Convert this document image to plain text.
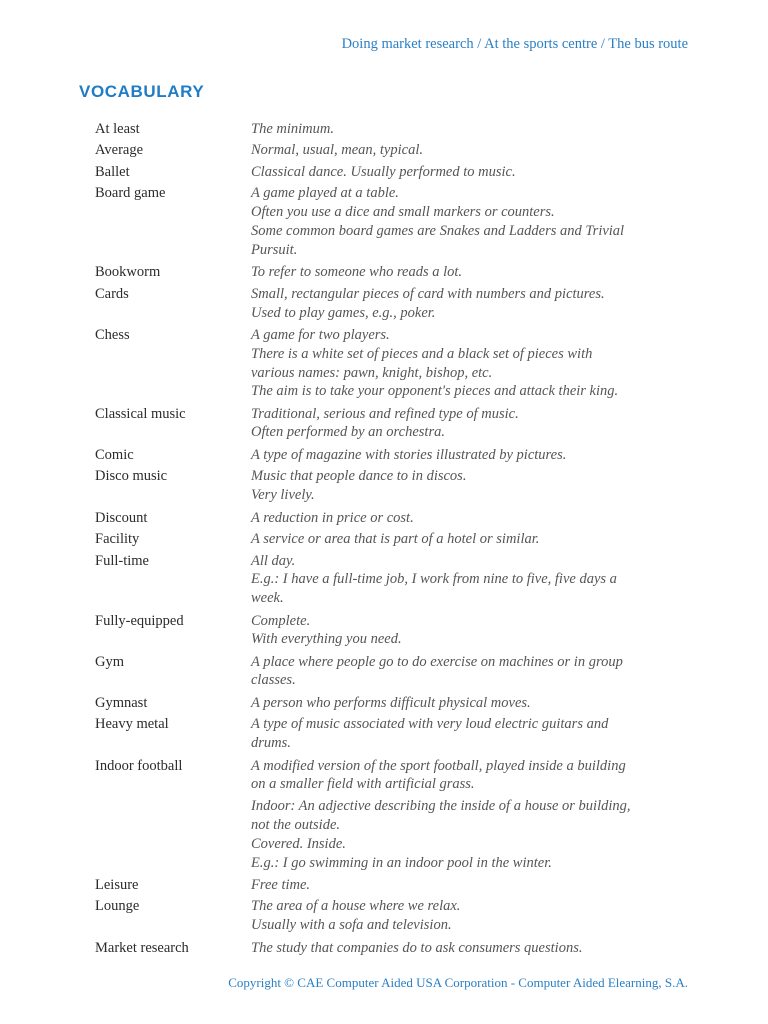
Doing market research / At the sports centre / The bus route
VOCABULARY
At least	The minimum.
Average	Normal, usual, mean, typical.
Ballet	Classical dance. Usually performed to music.
Board game	A game played at a table.
Often you use a dice and small markers or counters.
Some common board games are Snakes and Ladders and Trivial
Pursuit.
Bookworm	To refer to someone who reads a lot.
Cards	Small, rectangular pieces of card with numbers and pictures.
Used to play games, e.g., poker.
Chess	A game for two players.
There is a white set of pieces and a black set of pieces with
various names: pawn, knight, bishop, etc.
The aim is to take your opponent's pieces and attack their king.
Classical music	Traditional, serious and refined type of music.
Often performed by an orchestra.
Comic	A type of magazine with stories illustrated by pictures.
Disco music	Music that people dance to in discos.
Very lively.
Discount	A reduction in price or cost.
Facility	A service or area that is part of a hotel or similar.
Full-time	All day.
E.g.: I have a full-time job, I work from nine to five, five days a
week.
Fully-equipped	Complete.
With everything you need.
Gym	A place where people go to do exercise on machines or in group
classes.
Gymnast	A person who performs difficult physical moves.
Heavy metal	A type of music associated with very loud electric guitars and
drums.
Indoor football	A modified version of the sport football, played inside a building
on a smaller field with artificial grass.
Indoor: An adjective describing the inside of a house or building,
not the outside.
Covered. Inside.
E.g.: I go swimming in an indoor pool in the winter.
Leisure	Free time.
Lounge	The area of a house where we relax.
Usually with a sofa and television.
Market research	The study that companies do to ask consumers questions.
Copyright © CAE Computer Aided USA Corporation - Computer Aided Elearning, S.A.
